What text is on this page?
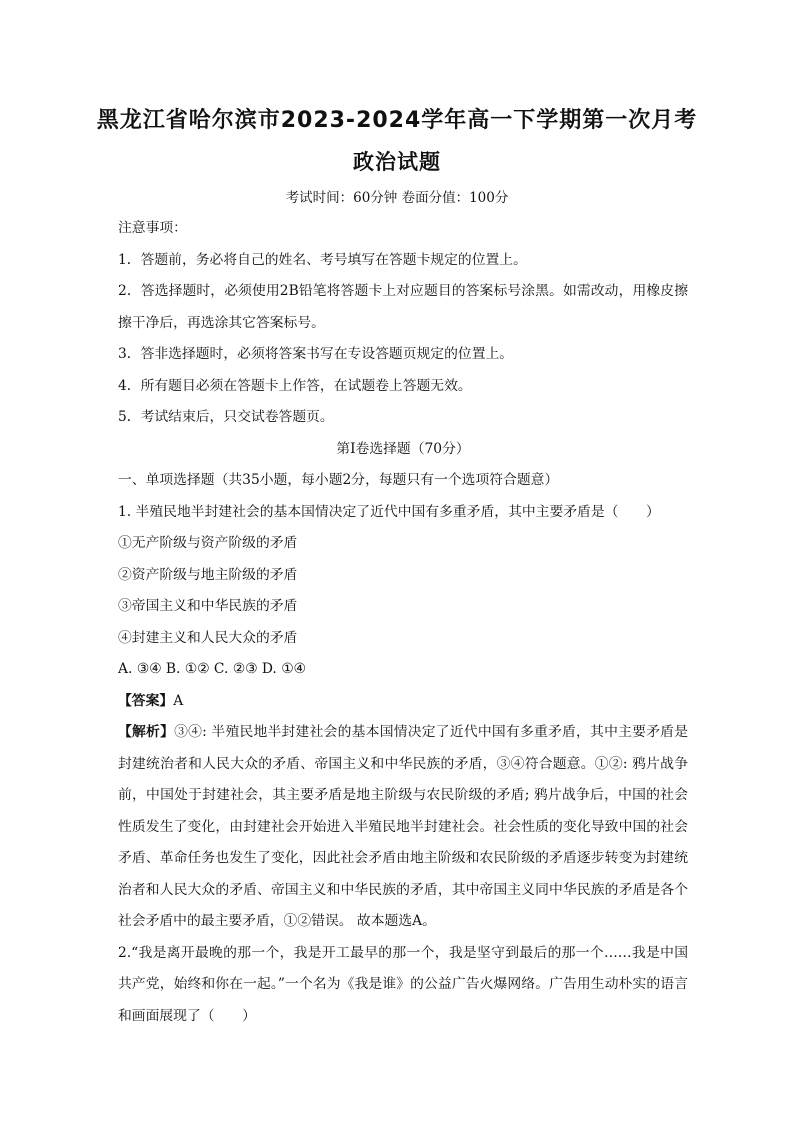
黑龙江省哈尔滨市2023-2024学年高一下学期第一次月考
政治试题
考试时间：60分钟 卷面分值：100分
注意事项：
1．答题前，务必将自己的姓名、考号填写在答题卡规定的位置上。
2．答选择题时，必须使用2B铅笔将答题卡上对应题目的答案标号涂黑。如需改动，用橡皮擦擦干净后，再选涂其它答案标号。
3．答非选择题时，必须将答案书写在专设答题页规定的位置上。
4．所有题目必须在答题卡上作答，在试题卷上答题无效。
5．考试结束后，只交试卷答题页。
第Ⅰ卷选择题（70分）
一、单项选择题（共35小题，每小题2分，每题只有一个选项符合题意）
1. 半殖民地半封建社会的基本国情决定了近代中国有多重矛盾，其中主要矛盾是（　　）
①无产阶级与资产阶级的矛盾
②资产阶级与地主阶级的矛盾
③帝国主义和中华民族的矛盾
④封建主义和人民大众的矛盾
A. ③④ B. ①② C. ②③ D. ①④
【答案】A
【解析】③④: 半殖民地半封建社会的基本国情决定了近代中国有多重矛盾，其中主要矛盾是封建统治者和人民大众的矛盾、帝国主义和中华民族的矛盾，③④符合题意。①②: 鸦片战争前，中国处于封建社会，其主要矛盾是地主阶级与农民阶级的矛盾; 鸦片战争后，中国的社会性质发生了变化，由封建社会开始进入半殖民地半封建社会。社会性质的变化导致中国的社会矛盾、革命任务也发生了变化，因此社会矛盾由地主阶级和农民阶级的矛盾逐步转变为封建统治者和人民大众的矛盾、帝国主义和中华民族的矛盾，其中帝国主义同中华民族的矛盾是各个社会矛盾中的最主要矛盾，①②错误。 故本题选A。
2.“我是离开最晚的那一个，我是开工最早的那一个，我是坚守到最后的那一个……我是中国共产党，始终和你在一起。”一个名为《我是谁》的公益广告火爆网络。广告用生动朴实的语言和画面展现了（　　）
